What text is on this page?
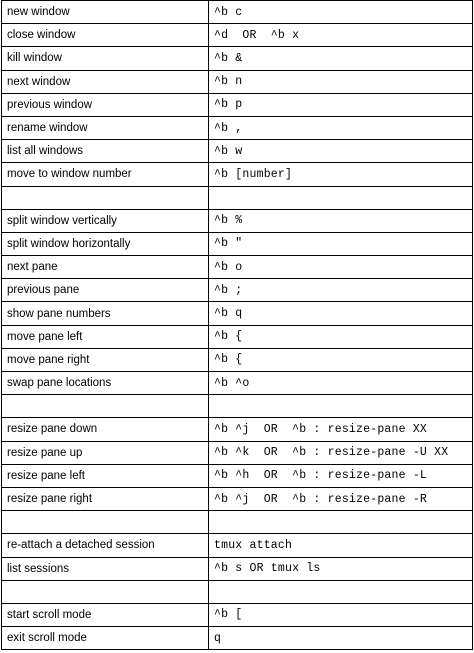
new window	^b c
close window	^d  OR  ^b x
kill window	^b &
next window	^b n
previous window	^b p
rename window	^b ,
list all windows	^b w
move to window number	^b [number]

split window vertically	^b %
split window horizontally	^b "
next pane	^b o
previous pane	^b ;
show pane numbers	^b q
move pane left	^b {
move pane right	^b {
swap pane locations	^b ^o

resize pane down	^b ^j  OR  ^b : resize-pane XX
resize pane up	^b ^k  OR  ^b : resize-pane -U XX
resize pane left	^b ^h  OR  ^b : resize-pane -L
resize pane right	^b ^j  OR  ^b : resize-pane -R

re-attach a detached session	tmux attach
list sessions	^b s OR tmux ls

start scroll mode	^b [
exit scroll mode	q
